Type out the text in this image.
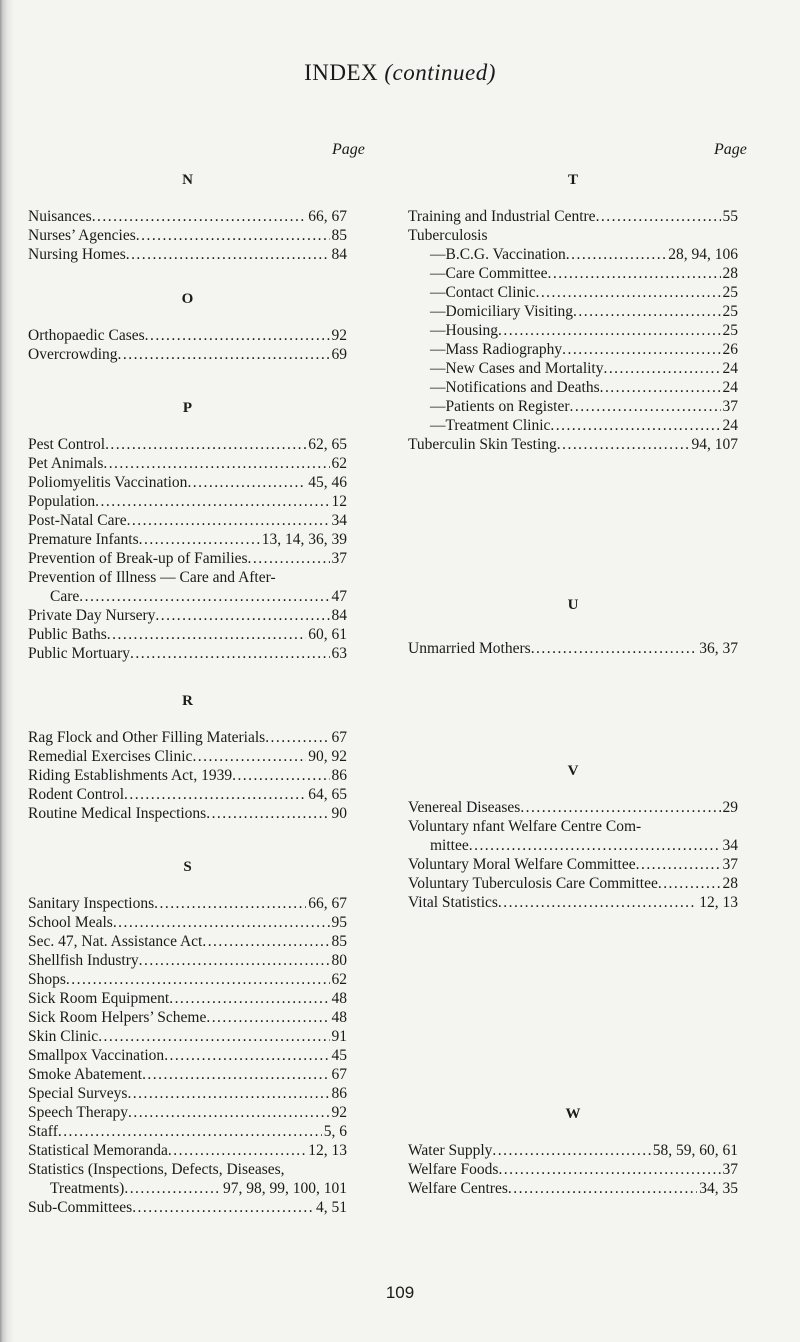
INDEX (continued)
Page	Page
N
Nuisances . . .	66, 67
Nurses’ Agencies . . .	85
Nursing Homes . . .	84
O
Orthopaedic Cases . . .	92
Overcrowding . . .	69
P
Pest Control . . .	62, 65
Pet Animals . . .	62
Poliomyelitis Vaccination . . .	45, 46
Population . . .	12
Post-Natal Care . . .	34
Premature Infants . . .	13, 14, 36, 39
Prevention of Break-up of Families . . .	37
Prevention of Illness — Care and After-
Care . . .	47
Private Day Nursery . . .	84
Public Baths . . .	60, 61
Public Mortuary . . .	63
R
Rag Flock and Other Filling Materials . . .	67
Remedial Exercises Clinic . . .	90, 92
Riding Establishments Act, 1939 . . .	86
Rodent Control . . .	64, 65
Routine Medical Inspections . . .	90
S
Sanitary Inspections . . .	66, 67
School Meals . . .	95
Sec. 47, Nat. Assistance Act . . .	85
Shellfish Industry . . .	80
Shops . . .	62
Sick Room Equipment . . .	48
Sick Room Helpers’ Scheme . . .	48
Skin Clinic . . .	91
Smallpox Vaccination . . .	45
Smoke Abatement . . .	67
Special Surveys . . .	86
Speech Therapy . . .	92
Staff . . .	5, 6
Statistical Memoranda . . .	12, 13
Statistics (Inspections, Defects, Diseases,
Treatments) . . .	97, 98, 99, 100, 101
Sub-Committees . . .	4, 51
T
Training and Industrial Centre . . .	55
Tuberculosis
—B.C.G. Vaccination . . .	28, 94, 106
—Care Committee . . .	28
—Contact Clinic . . .	25
—Domiciliary Visiting . . .	25
—Housing . . .	25
—Mass Radiography . . .	26
—New Cases and Mortality . . .	24
—Notifications and Deaths . . .	24
—Patients on Register . . .	37
—Treatment Clinic . . .	24
Tuberculin Skin Testing . . .	94, 107
U
Unmarried Mothers . . .	36, 37
V
Venereal Diseases . . .	29
Voluntary nfant Welfare Centre Com-
mittee . . .	34
Voluntary Moral Welfare Committee . . .	37
Voluntary Tuberculosis Care Committee . . .	28
Vital Statistics . . .	12, 13
W
Water Supply . . .	58, 59, 60, 61
Welfare Foods . . .	37
Welfare Centres . . .	34, 35
109
